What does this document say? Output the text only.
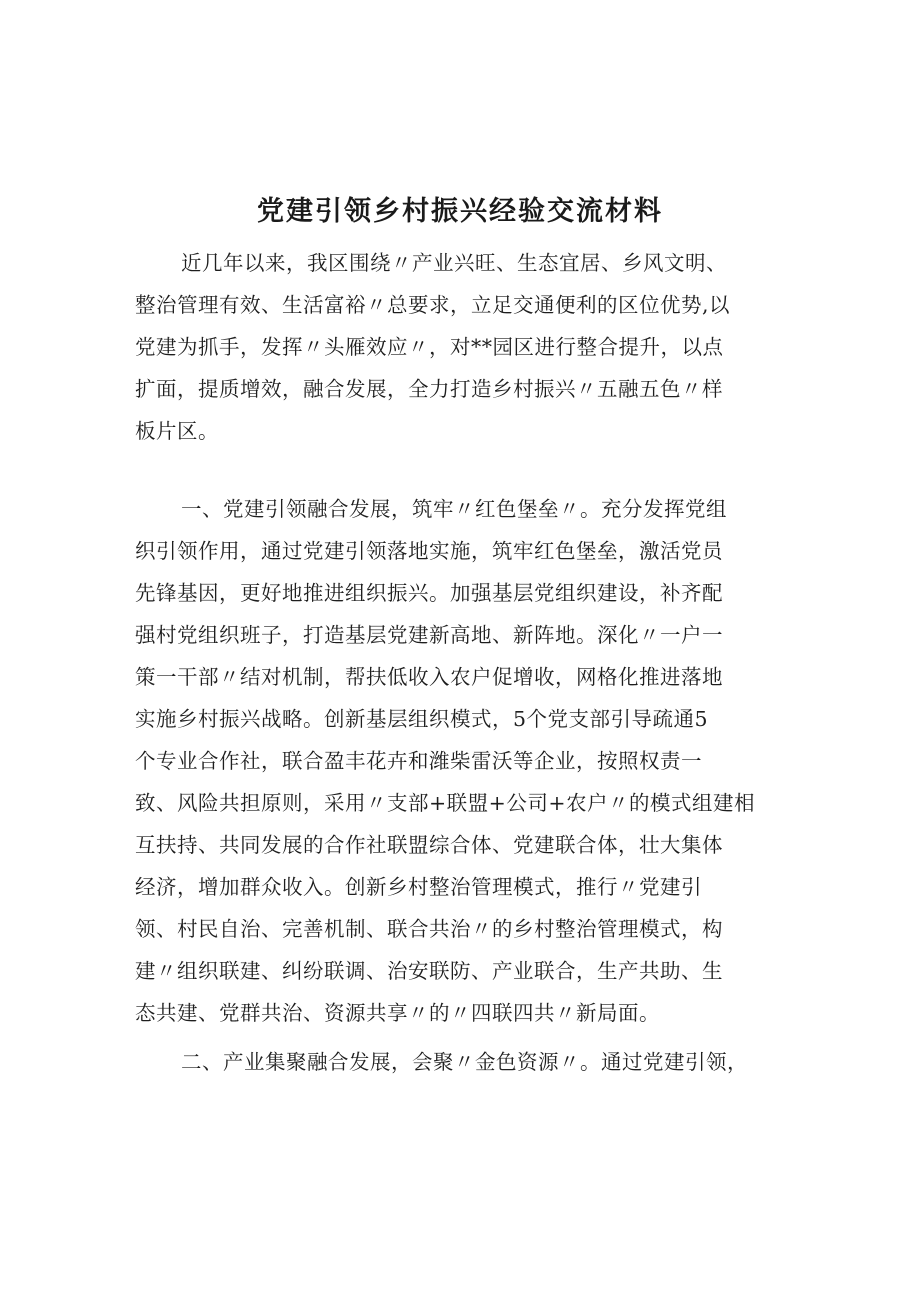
党建引领乡村振兴经验交流材料
近几年以来，我区围绕〃产业兴旺、生态宜居、乡风文明、
整治管理有效、生活富裕〃总要求，立足交通便利的区位优势,以
党建为抓手，发挥〃头雁效应〃，对**园区进行整合提升，以点
扩面，提质增效，融合发展，全力打造乡村振兴〃五融五色〃样
板片区。
一、党建引领融合发展，筑牢〃红色堡垒〃。充分发挥党组
织引领作用，通过党建引领落地实施，筑牢红色堡垒，激活党员
先锋基因，更好地推进组织振兴。加强基层党组织建设，补齐配
强村党组织班子，打造基层党建新高地、新阵地。深化〃一户一
策一干部〃结对机制，帮扶低收入农户促增收，网格化推进落地
实施乡村振兴战略。创新基层组织模式，5个党支部引导疏通5
个专业合作社，联合盈丰花卉和潍柴雷沃等企业，按照权责一
致、风险共担原则，采用〃支部+联盟+公司+农户〃的模式组建相
互扶持、共同发展的合作社联盟综合体、党建联合体，壮大集体
经济，增加群众收入。创新乡村整治管理模式，推行〃党建引
领、村民自治、完善机制、联合共治〃的乡村整治管理模式，构
建〃组织联建、纠纷联调、治安联防、产业联合，生产共助、生
态共建、党群共治、资源共享〃的〃四联四共〃新局面。
二、产业集聚融合发展，会聚〃金色资源〃。通过党建引领，
